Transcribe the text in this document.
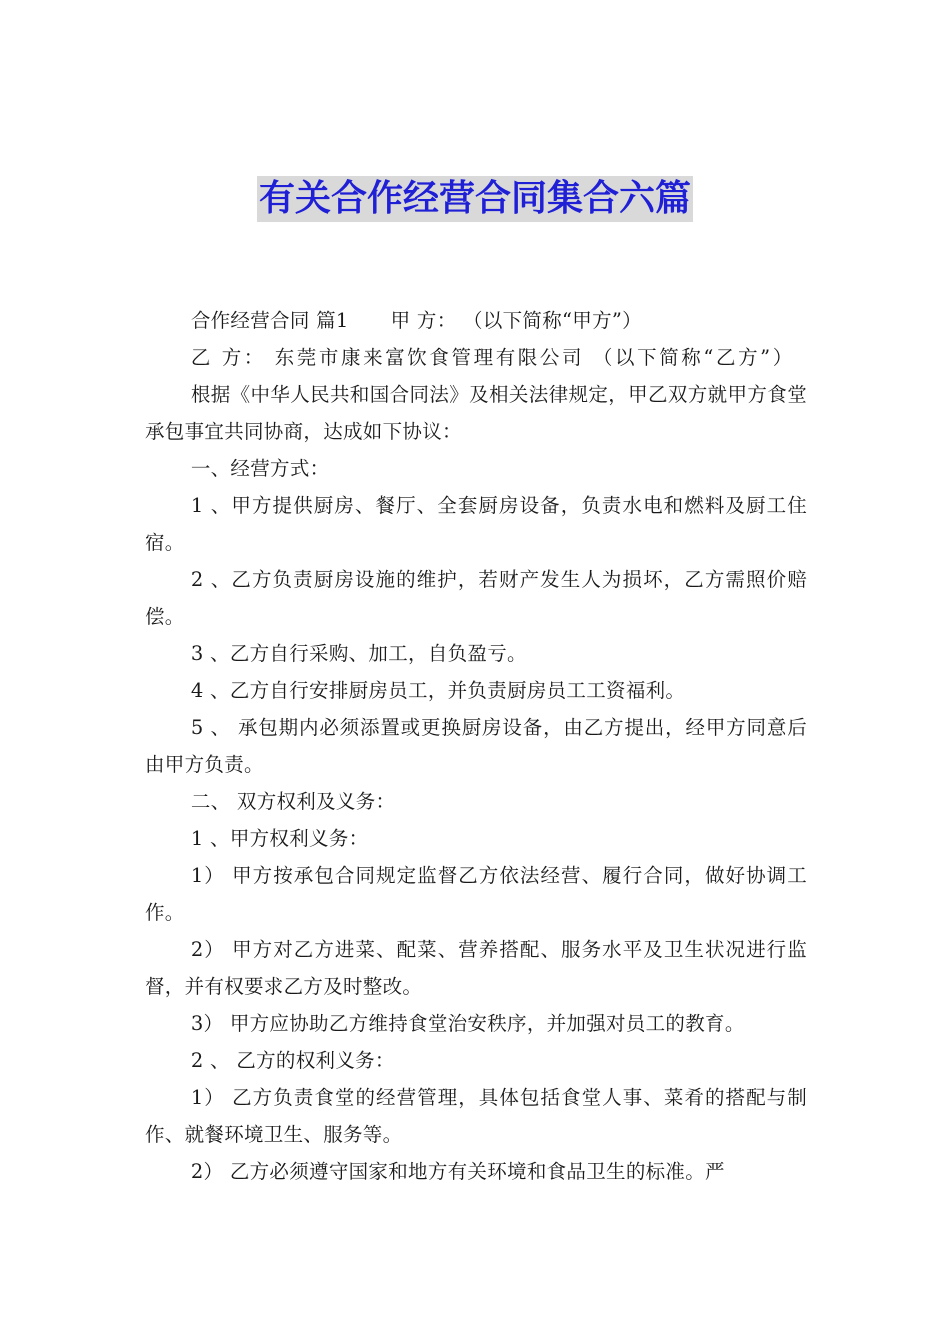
有关合作经营合同集合六篇

合作经营合同 篇1 甲 方： （以下简称“甲方”）

乙 方： 东莞市康来富饮食管理有限公司 （以下简称“乙方”）

根据《中华人民共和国合同法》及相关法律规定，甲乙双方就甲方食堂承包事宜共同协商，达成如下协议：

一、经营方式：

1 、甲方提供厨房、餐厅、全套厨房设备，负责水电和燃料及厨工住宿。

2 、乙方负责厨房设施的维护，若财产发生人为损坏，乙方需照价赔偿。

3 、乙方自行采购、加工，自负盈亏。

4 、乙方自行安排厨房员工，并负责厨房员工工资福利。

5 、 承包期内必须添置或更换厨房设备，由乙方提出，经甲方同意后由甲方负责。

二、 双方权利及义务：

1 、甲方权利义务：

1） 甲方按承包合同规定监督乙方依法经营、履行合同，做好协调工作。

2） 甲方对乙方进菜、配菜、营养搭配、服务水平及卫生状况进行监督，并有权要求乙方及时整改。

3） 甲方应协助乙方维持食堂治安秩序，并加强对员工的教育。

2 、 乙方的权利义务：

1） 乙方负责食堂的经营管理，具体包括食堂人事、菜肴的搭配与制作、就餐环境卫生、服务等。

2） 乙方必须遵守国家和地方有关环境和食品卫生的标准。严
